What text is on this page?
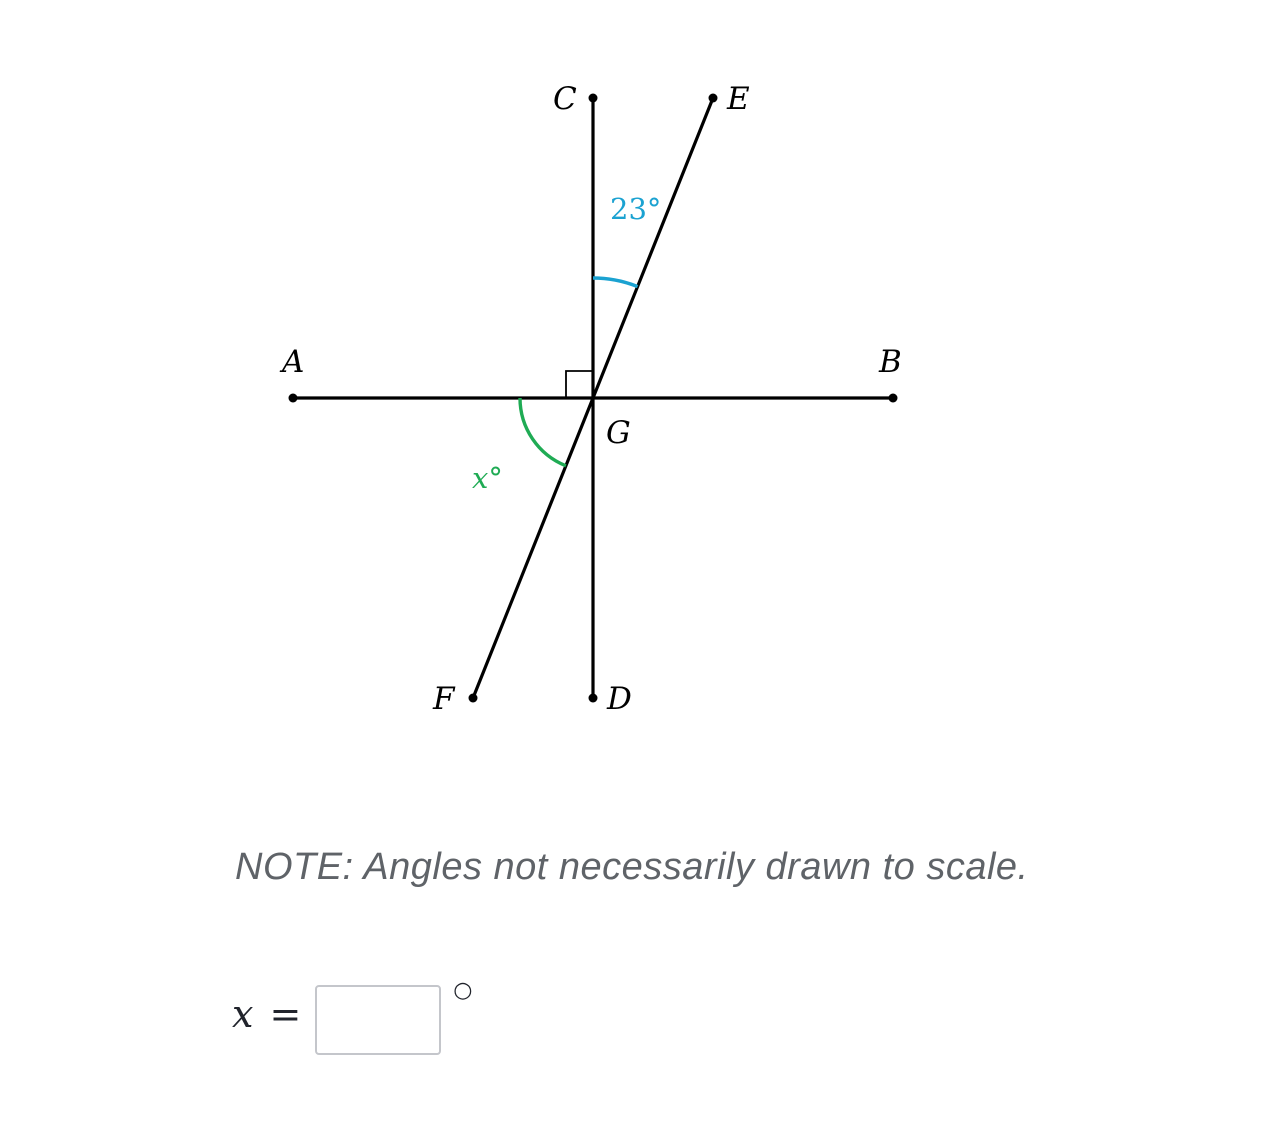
A	B
C
D
E
F
G
23°
x°
NOTE: Angles not necessarily drawn to scale.
x =
○
